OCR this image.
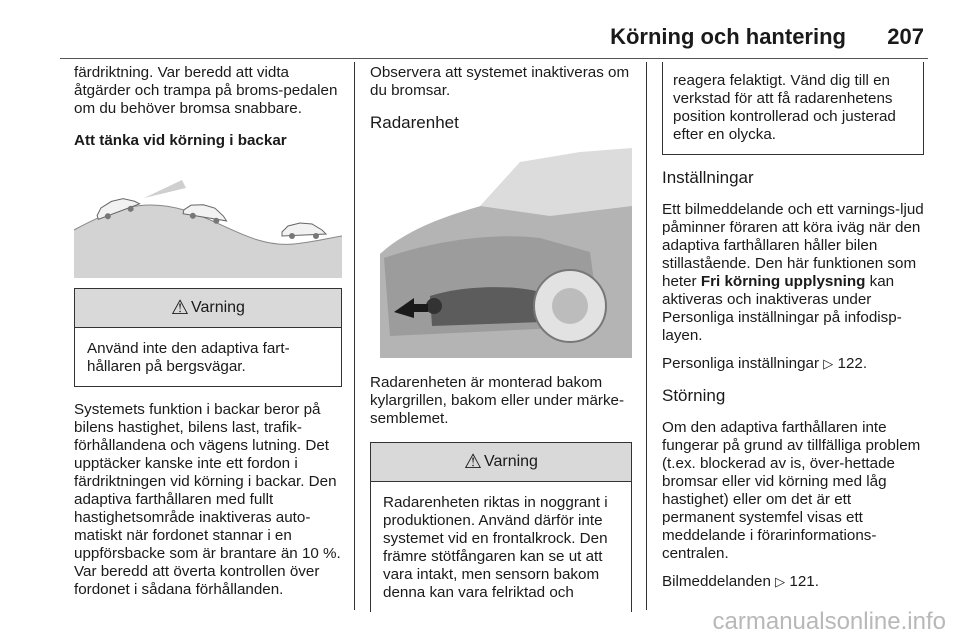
Körning och hantering 207

färdriktning. Var beredd att vidta åtgärder och trampa på broms-pedalen om du behöver bromsa snabbare.

Att tänka vid körning i backar

⚠ Varning
Använd inte den adaptiva fart-hållaren på bergsvägar.

Systemets funktion i backar beror på bilens hastighet, bilens last, trafik-förhållandena och vägens lutning. Det upptäcker kanske inte ett fordon i färdriktningen vid körning i backar. Den adaptiva farthållaren med fullt hastighetsområde inaktiveras auto-matiskt när fordonet stannar i en uppförsbacke som är brantare än 10 %. Var beredd att överta kontrollen över fordonet i sådana förhållanden.

Observera att systemet inaktiveras om du bromsar.

Radarenhet

Radarenheten är monterad bakom kylargrillen, bakom eller under märke-semblemet.

⚠ Varning
Radarenheten riktas in noggrant i produktionen. Använd därför inte systemet vid en frontalkrock. Den främre stötfångaren kan se ut att vara intakt, men sensorn bakom denna kan vara felriktad och
reagera felaktigt. Vänd dig till en verkstad för att få radarenhetens position kontrollerad och justerad efter en olycka.

Inställningar

Ett bilmeddelande och ett varnings-ljud påminner föraren att köra iväg när den adaptiva farthållaren håller bilen stillastående. Den här funktionen som heter Fri körning upplysning kan aktiveras och inaktiveras under Personliga inställningar på infodisp-layen.

Personliga inställningar ▷ 122.

Störning

Om den adaptiva farthållaren inte fungerar på grund av tillfälliga problem (t.ex. blockerad av is, över-hettade bromsar eller vid körning med låg hastighet) eller om det är ett permanent systemfel visas ett meddelande i förarinformations-centralen.

Bilmeddelanden ▷ 121.

carmanualsonline.info
